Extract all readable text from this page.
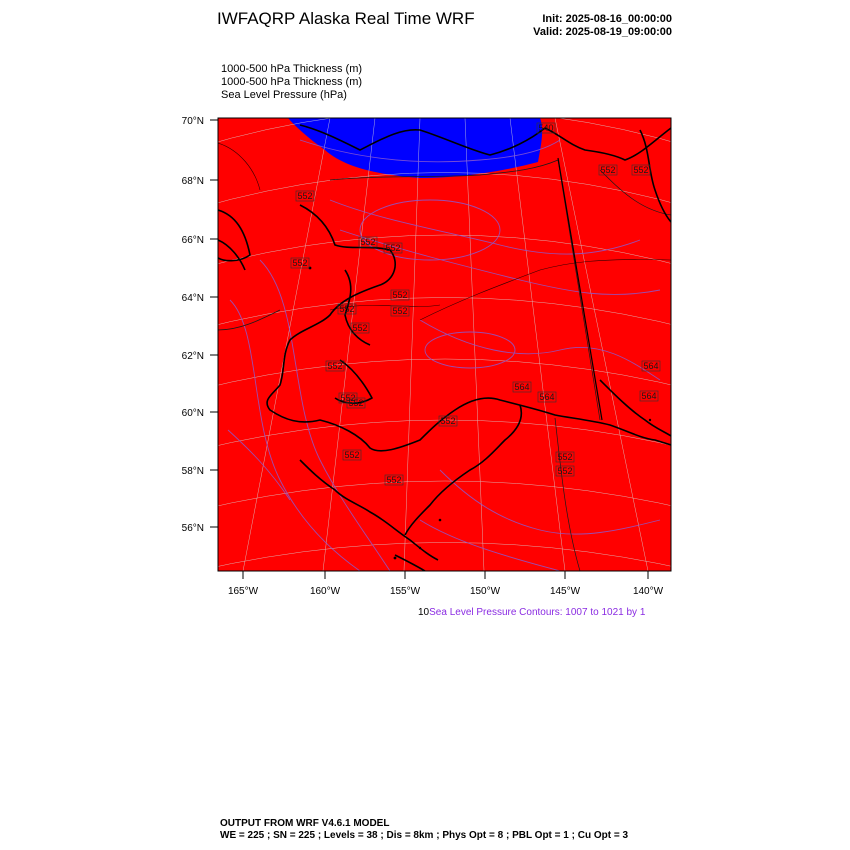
IWFAQRP Alaska Real Time WRF	Init: 2025-08-16_00:00:00
Valid: 2025-08-19_09:00:00
1000-500 hPa Thickness (m)
1000-500 hPa Thickness (m)
Sea Level Pressure (hPa)
540
552
552
552
552
552
552
552
552
552
552
552
552
564
564
564
564
552
552
552
552
552 552
70°N
68°N
66°N
64°N
62°N
60°N
58°N
56°N
165°W	160°W	155°W	150°W	145°W	140°W
10Sea Level Pressure Contours: 1007 to 1021 by 1
OUTPUT FROM WRF V4.6.1 MODEL
WE = 225 ; SN = 225 ; Levels = 38 ; Dis = 8km ; Phys Opt = 8 ; PBL Opt = 1 ; Cu Opt = 3
